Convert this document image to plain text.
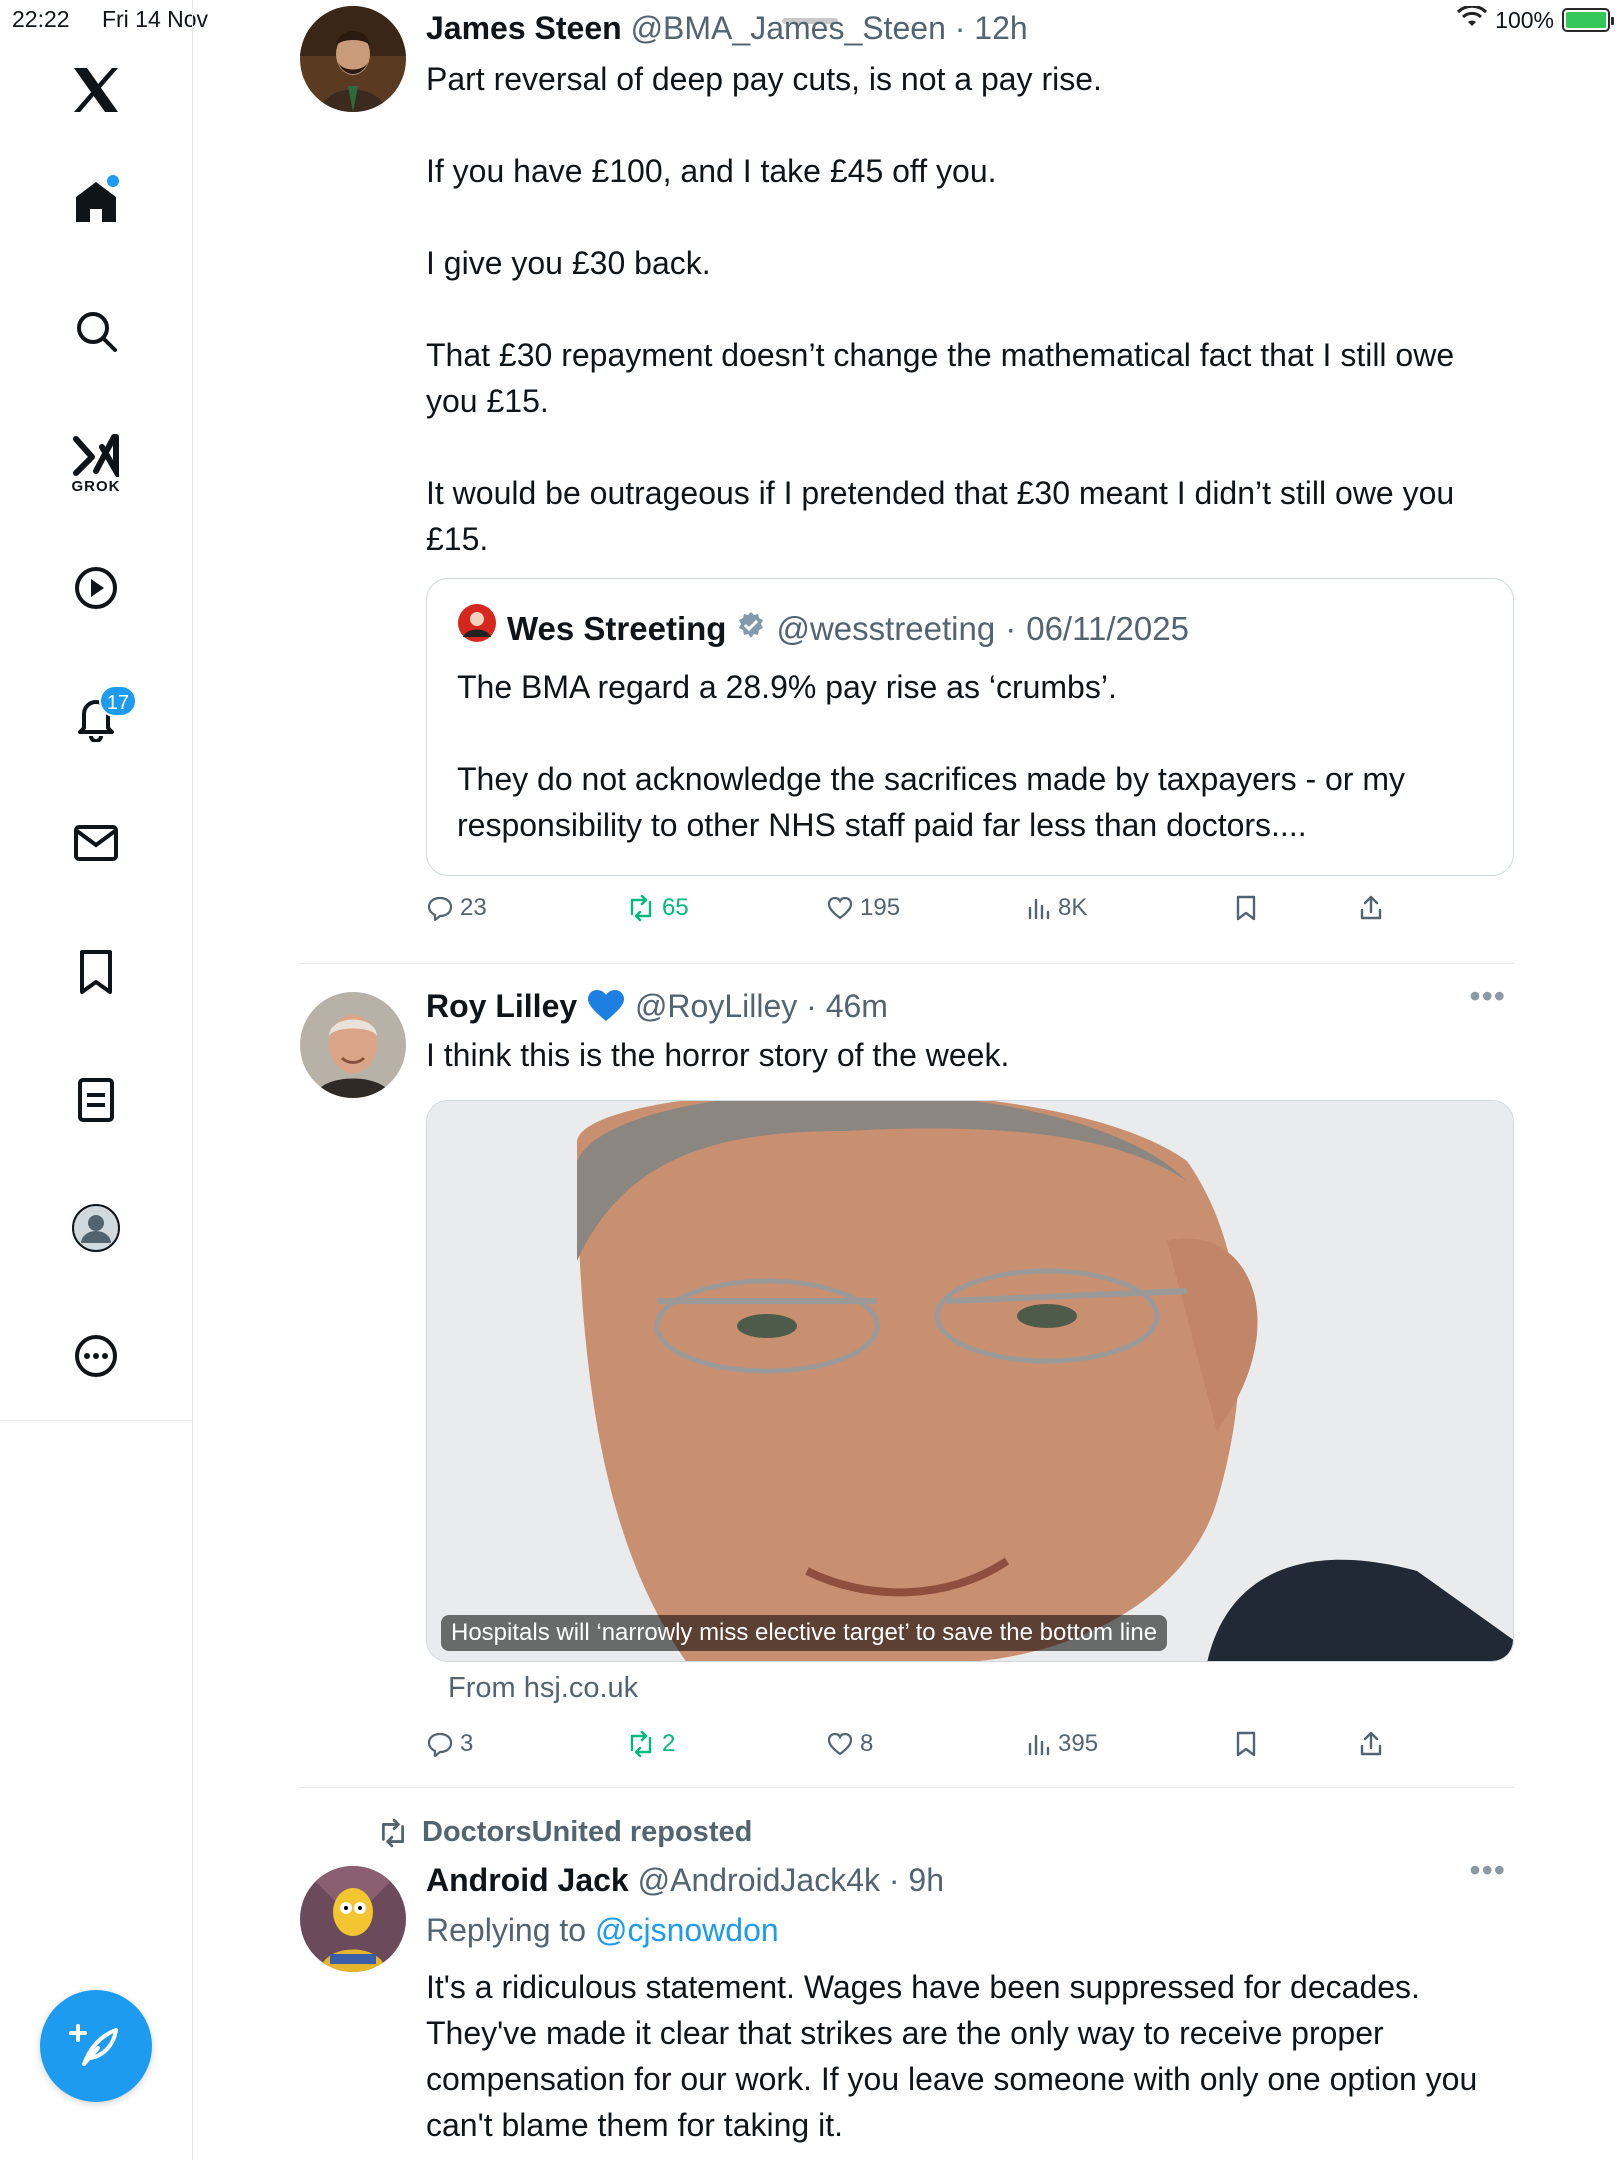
22:22 Fri 14 Nov	100%
GROK
17
James Steen @BMA_James_Steen · 12h

Part reversal of deep pay cuts, is not a pay rise.

If you have £100, and I take £45 off you.

I give you £30 back.

That £30 repayment doesn’t change the mathematical fact that I still owe you £15.

It would be outrageous if I pretended that £30 meant I didn’t still owe you £15.

Wes Streeting @wesstreeting · 06/11/2025

The BMA regard a 28.9% pay rise as ‘crumbs’.

They do not acknowledge the sacrifices made by taxpayers - or my responsibility to other NHS staff paid far less than doctors....

23	65	195	8K
Roy Lilley @RoyLilley · 46m
I think this is the horror story of the week.
•••
Hospitals will ‘narrowly miss elective target’ to save the bottom line
From hsj.co.uk
3	2	8	395
DoctorsUnited reposted
Android Jack @AndroidJack4k · 9h
Replying to @cjsnowdon
It's a ridiculous statement. Wages have been suppressed for decades. They've made it clear that strikes are the only way to receive proper compensation for our work. If you leave someone with only one option you can't blame them for taking it.
•••
